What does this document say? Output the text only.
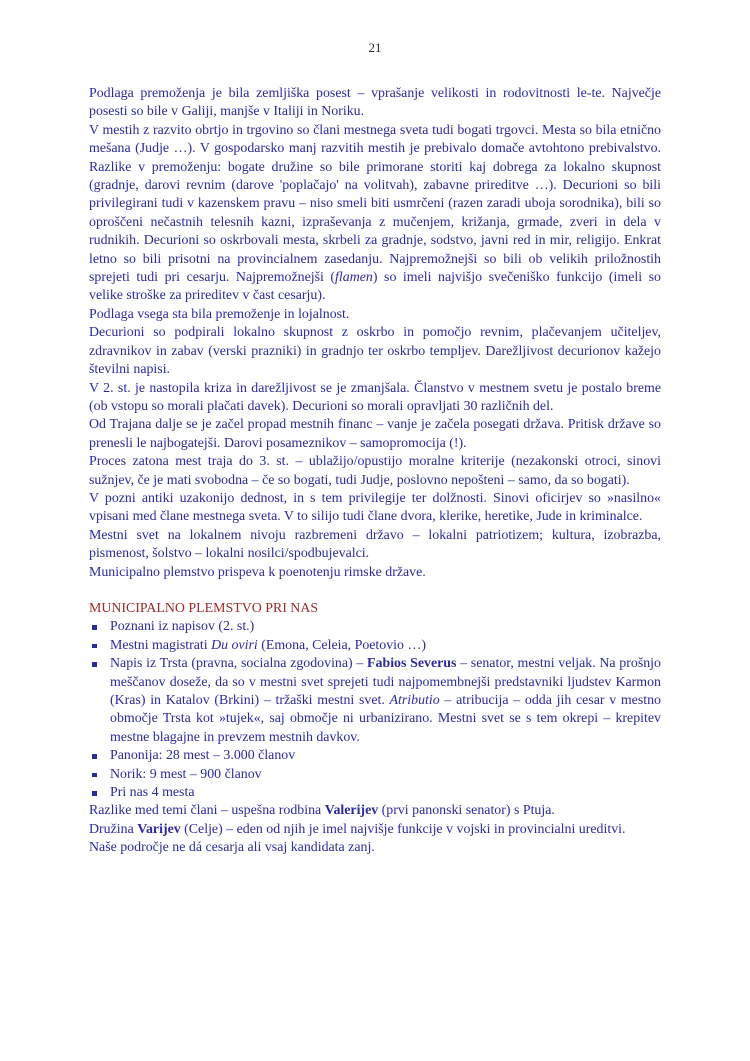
21

Podlaga premoženja je bila zemljiška posest – vprašanje velikosti in rodovitnosti le-te. Največje posesti so bile v Galiji, manjše v Italiji in Noriku.

V mestih z razvito obrtjo in trgovino so člani mestnega sveta tudi bogati trgovci. Mesta so bila etnično mešana (Judje …). V gospodarsko manj razvitih mestih je prebivalo domače avtohtono prebivalstvo. Razlike v premoženju: bogate družine so bile primorane storiti kaj dobrega za lokalno skupnost (gradnje, darovi revnim (darove 'poplačajo' na volitvah), zabavne prireditve …). Decurioni so bili privilegirani tudi v kazenskem pravu – niso smeli biti usmrčeni (razen zaradi uboja sorodnika), bili so oproščeni nečastnih telesnih kazni, izpraševanja z mučenjem, križanja, grmade, zveri in dela v rudnikih. Decurioni so oskrbovali mesta, skrbeli za gradnje, sodstvo, javni red in mir, religijo. Enkrat letno so bili prisotni na provincialnem zasedanju. Najpremožnejši so bili ob velikih priložnostih sprejeti tudi pri cesarju. Najpremožnejši (flamen) so imeli najvišjo svečeniško funkcijo (imeli so velike stroške za prireditev v čast cesarju).

Podlaga vsega sta bila premoženje in lojalnost.

Decurioni so podpirali lokalno skupnost z oskrbo in pomočjo revnim, plačevanjem učiteljev, zdravnikov in zabav (verski prazniki) in gradnjo ter oskrbo templjev. Darežljivost decurionov kažejo številni napisi.

V 2. st. je nastopila kriza in darežljivost se je zmanjšala. Članstvo v mestnem svetu je postalo breme (ob vstopu so morali plačati davek). Decurioni so morali opravljati 30 različnih del.

Od Trajana dalje se je začel propad mestnih financ – vanje je začela posegati država. Pritisk države so prenesli le najbogatejši. Darovi posameznikov – samopromocija (!).

Proces zatona mest traja do 3. st. – ublažijo/opustijo moralne kriterije (nezakonski otroci, sinovi sužnjev, če je mati svobodna – če so bogati, tudi Judje, poslovno nepošteni – samo, da so bogati).

V pozni antiki uzakonijo dednost, in s tem privilegije ter dolžnosti. Sinovi oficirjev so »nasilno« vpisani med člane mestnega sveta. V to silijo tudi člane dvora, klerike, heretike, Jude in kriminalce.

Mestni svet na lokalnem nivoju razbremeni državo – lokalni patriotizem; kultura, izobrazba, pismenost, šolstvo – lokalni nosilci/spodbujevalci.

Municipalno plemstvo prispeva k poenotenju rimske države.

MUNICIPALNO PLEMSTVO PRI NAS

Poznani iz napisov (2. st.)
Mestni magistrati Du oviri (Emona, Celeia, Poetovio …)
Napis iz Trsta (pravna, socialna zgodovina) – Fabios Severus – senator, mestni veljak. Na prošnjo meščanov doseže, da so v mestni svet sprejeti tudi najpomembnejši predstavniki ljudstev Karmon (Kras) in Katalov (Brkini) – tržaški mestni svet. Atributio – atribucija – odda jih cesar v mestno območje Trsta kot »tujek«, saj območje ni urbanizirano. Mestni svet se s tem okrepi – krepitev mestne blagajne in prevzem mestnih davkov.
Panonija: 28 mest – 3.000 članov
Norik: 9 mest – 900 članov
Pri nas 4 mesta

Razlike med temi člani – uspešna rodbina Valerijev (prvi panonski senator) s Ptuja.

Družina Varijev (Celje) – eden od njih je imel najvišje funkcije v vojski in provincialni ureditvi.

Naše področje ne dá cesarja ali vsaj kandidata zanj.
